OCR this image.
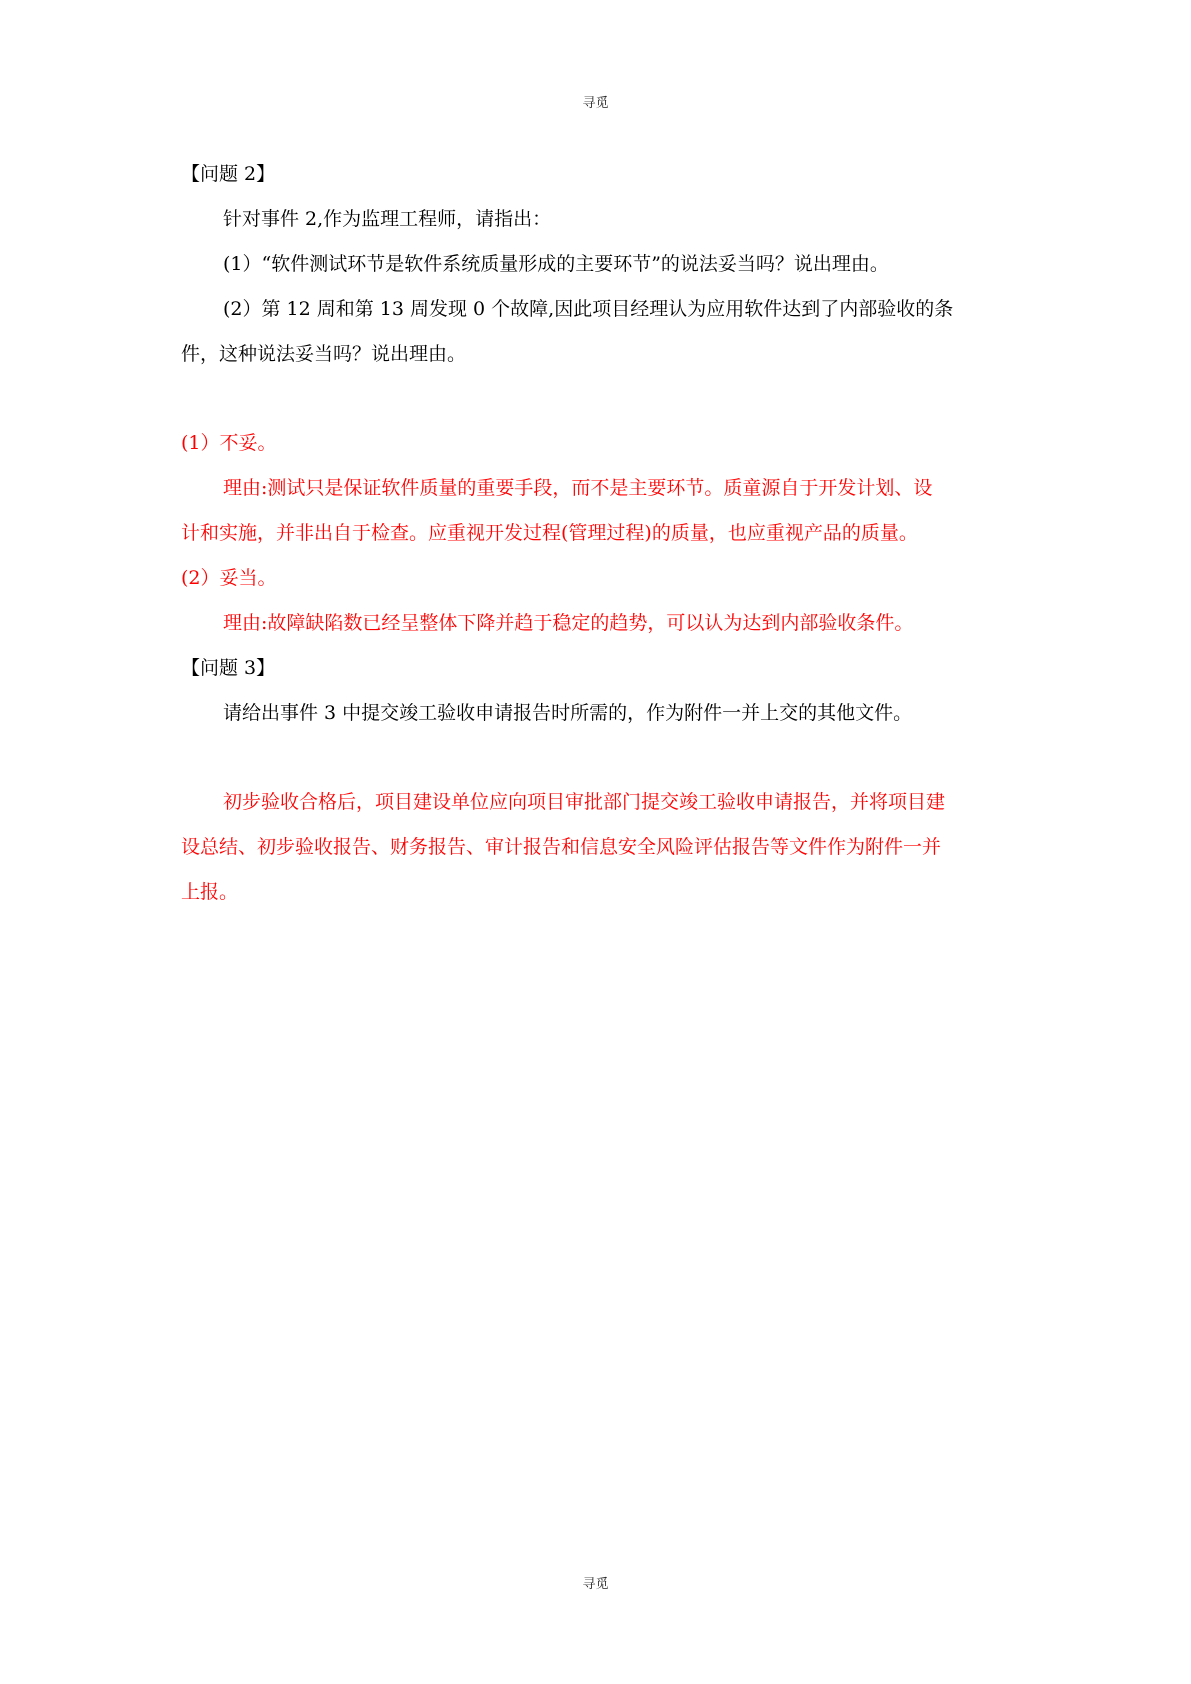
寻觅
【问题 2】
针对事件 2,作为监理工程师，请指出：
(1）“软件测试环节是软件系统质量形成的主要环节”的说法妥当吗？说出理由。
(2）第 12 周和第 13 周发现 0 个故障,因此项目经理认为应用软件达到了内部验收的条
件，这种说法妥当吗？说出理由。
(1）不妥。
理由:测试只是保证软件质量的重要手段，而不是主要环节。质童源自于开发计划、设
计和实施，并非出自于检查。应重视开发过程(管理过程)的质量，也应重视产品的质量。
(2）妥当。
理由:故障缺陷数已经呈整体下降并趋于稳定的趋势，可以认为达到内部验收条件。
【问题 3】
请给出事件 3 中提交竣工验收申请报告时所需的，作为附件一并上交的其他文件。
初步验收合格后，项目建设单位应向项目审批部门提交竣工验收申请报告，并将项目建
设总结、初步验收报告、财务报告、审计报告和信息安全风险评估报告等文件作为附件一并
上报。
寻觅
